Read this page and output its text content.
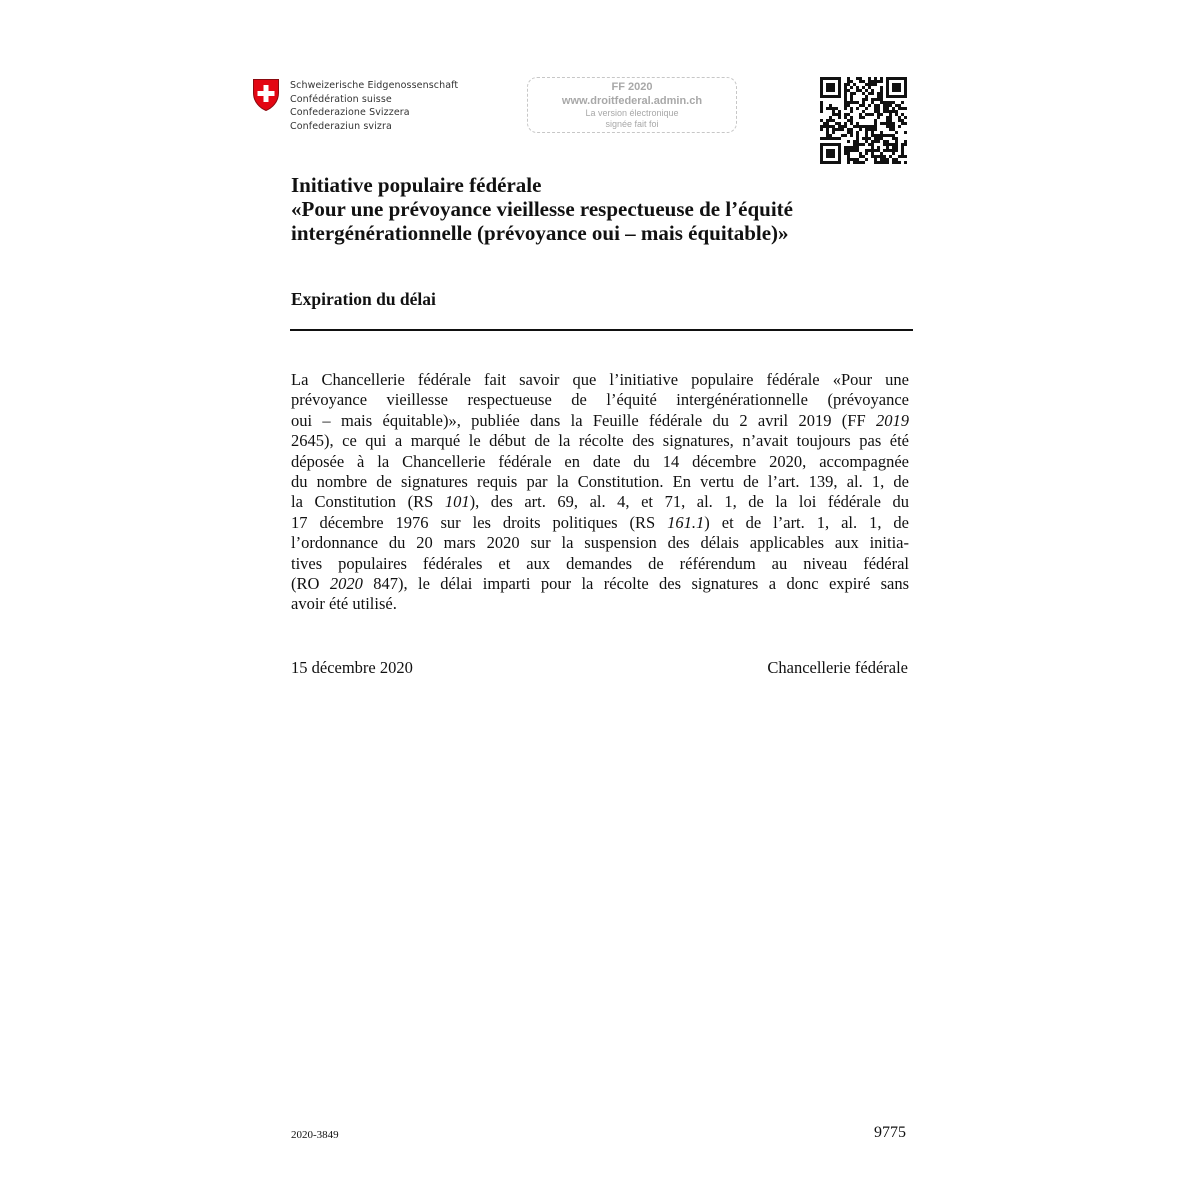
Schweizerische Eidgenossenschaft
Confédération suisse
Confederazione Svizzera
Confederaziun svizra
FF 2020
www.droitfederal.admin.ch
La version électronique
signée fait foi
Initiative populaire fédérale
«Pour une prévoyance vieillesse respectueuse de l’équité
intergénérationnelle (prévoyance oui – mais équitable)»
Expiration du délai
La Chancellerie fédérale fait savoir que l’initiative populaire fédérale «Pour une
prévoyance vieillesse respectueuse de l’équité intergénérationnelle (prévoyance
oui – mais équitable)», publiée dans la Feuille fédérale du 2 avril 2019 (FF 2019
2645), ce qui a marqué le début de la récolte des signatures, n’avait toujours pas été
déposée à la Chancellerie fédérale en date du 14 décembre 2020, accompagnée
du nombre de signatures requis par la Constitution. En vertu de l’art. 139, al. 1, de
la Constitution (RS 101), des art. 69, al. 4, et 71, al. 1, de la loi fédérale du
17 décembre 1976 sur les droits politiques (RS 161.1) et de l’art. 1, al. 1, de
l’ordonnance du 20 mars 2020 sur la suspension des délais applicables aux initia-
tives populaires fédérales et aux demandes de référendum au niveau fédéral
(RO 2020 847), le délai imparti pour la récolte des signatures a donc expiré sans
avoir été utilisé.
15 décembre 2020	Chancellerie fédérale
2020-3849	9775
